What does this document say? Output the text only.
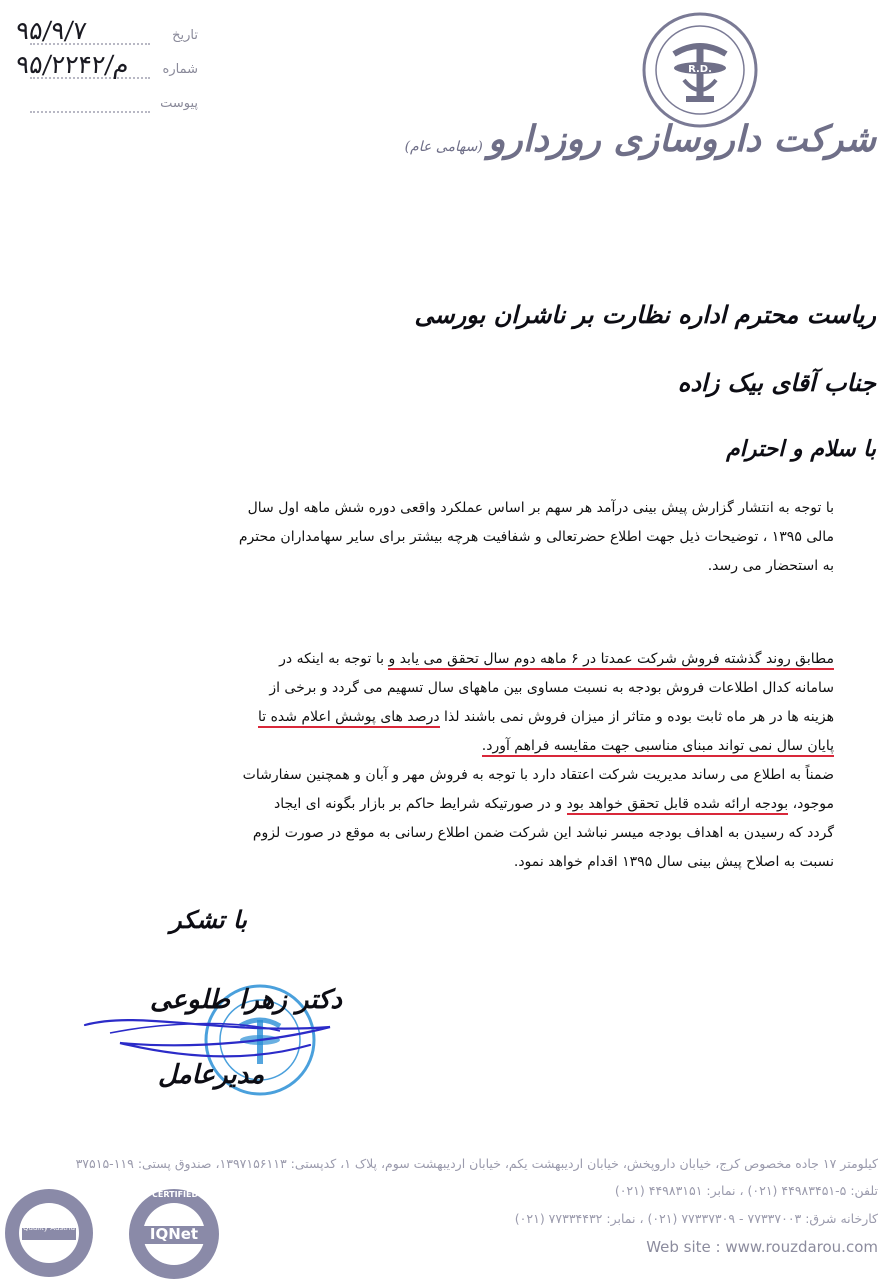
تاریخ
۹۵/۹/۷
شماره
م/۹۵/۲۲۴۲
پیوست
R.D.
شرکت داروسازی روزدارو (سهامی عام)
ریاست محترم اداره نظارت بر ناشران بورسی
جناب آقای بیک زاده
با سلام و احترام
با توجه به انتشار گزارش پیش بینی درآمد هر سهم بر اساس عملکرد واقعی دوره شش ماهه اول سال
مالی ۱۳۹۵ ، توضیحات ذیل جهت اطلاع حضرتعالی و شفافیت هرچه بیشتر برای سایر سهامداران محترم
به استحضار می رسد.
مطابق روند گذشته فروش شرکت عمدتا در ۶ ماهه دوم سال تحقق می یابد و با توجه به اینکه در
سامانه کدال اطلاعات فروش بودجه به نسبت مساوی بین ماههای سال تسهیم می گردد و برخی از
هزینه ها در هر ماه ثابت بوده و متاثر از میزان فروش نمی باشند لذا درصد های پوشش اعلام شده تا
پایان سال نمی تواند مبنای مناسبی جهت مقایسه فراهم آورد.
ضمناً به اطلاع می رساند مدیریت شرکت اعتقاد دارد با توجه به فروش مهر و آبان و همچنین سفارشات
موجود، بودجه ارائه شده قابل تحقق خواهد بود و در صورتیکه شرایط حاکم بر بازار بگونه ای ایجاد
گردد که رسیدن به اهداف بودجه میسر نباشد این شرکت ضمن اطلاع رسانی به موقع در صورت لزوم
نسبت به اصلاح پیش بینی سال ۱۳۹۵ اقدام خواهد نمود.
با تشکر
دکتر زهرا طلوعی
مدیرعامل
کیلومتر ۱۷ جاده مخصوص کرج، خیابان داروپخش، خیابان اردیبهشت یکم، خیابان اردیبهشت سوم، پلاک ۱، کدپستی: ۱۳۹۷۱۵۶۱۱۳، صندوق پستی: ۱۱۹-۳۷۵۱۵
تلفن: ۵-۴۴۹۸۳۴۵۱ (۰۲۱) ، نمابر: ۴۴۹۸۳۱۵۱ (۰۲۱)
کارخانه شرق: ۷۷۳۳۷۰۰۳ - ۷۷۳۳۷۳۰۹ (۰۲۱) ، نمابر: ۷۷۳۳۴۴۳۲ (۰۲۱)
Web site : www.rouzdarou.com
Quality Austria
CERTIFIED
IQNet
